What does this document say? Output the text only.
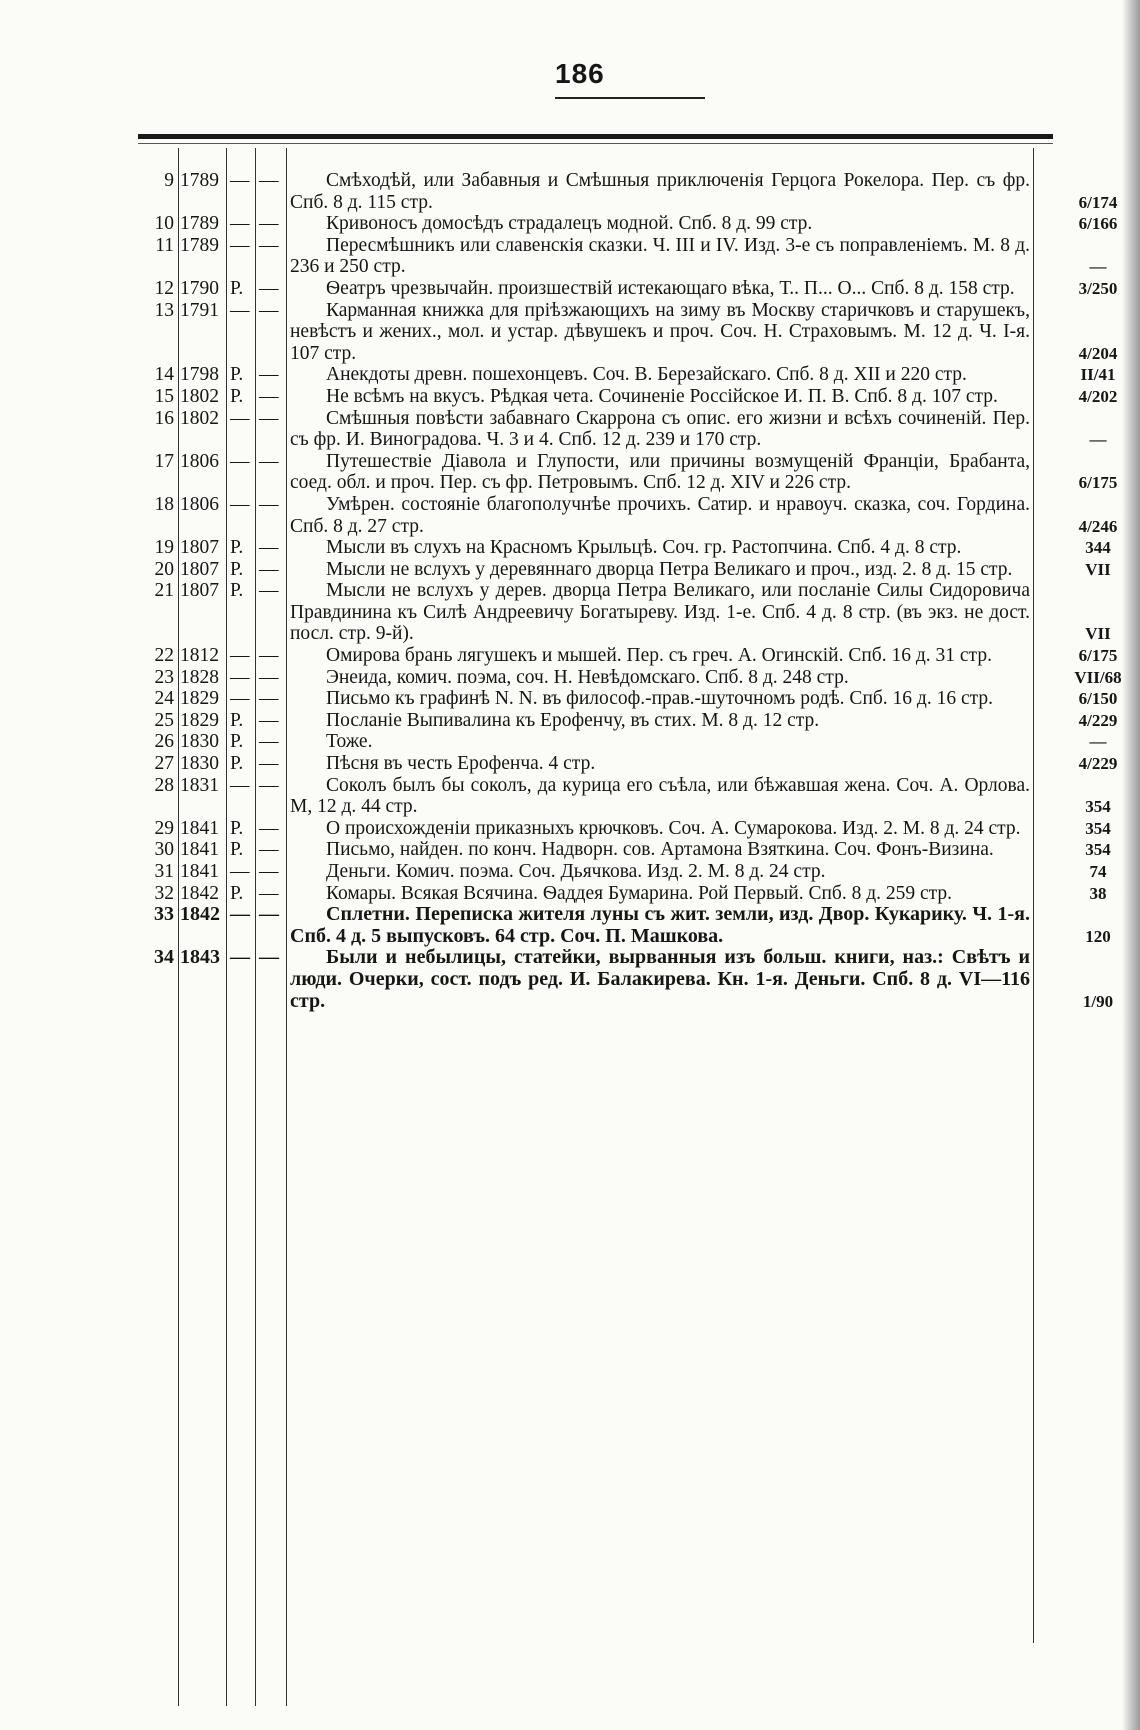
186
9 1789 — —	Смѣходѣй, или Забавныя и Смѣшныя приключенія Герцога Рокелора. Пер. съ фр. Спб. 8 д. 115 стр.	6/174
10 1789 — —	Кривоносъ домосѣдъ страдалецъ модной. Спб. 8 д. 99 стр.	6/166
11 1789 — —	Пересмѣшникъ или славенскія сказки. Ч. III и IV. Изд. 3-е съ поправленіемъ. М. 8 д. 236 и 250 стр.	—
12 1790 Р. —	Ѳеатръ чрезвычайн. произшествій истекающаго вѣка, Т.. П... О... Спб. 8 д. 158 стр.	3/250
13 1791 — —	Карманная книжка для пріѣзжающихъ на зиму въ Москву старичковъ и старушекъ, невѣстъ и жених., мол. и устар. дѣвушекъ и проч. Соч. Н. Страховымъ. М. 12 д. Ч. I-я. 107 стр.	4/204
14 1798 Р. —	Анекдоты древн. пошехонцевъ. Соч. В. Березайскаго. Спб. 8 д. XII и 220 стр.	II/41
15 1802 Р. —	Не всѣмъ на вкусъ. Рѣдкая чета. Сочиненіе Россійское И. П. В. Спб. 8 д. 107 стр.	4/202
16 1802 — —	Смѣшныя повѣсти забавнаго Скаррона съ опис. его жизни и всѣхъ сочиненій. Пер. съ фр. И. Виноградова. Ч. 3 и 4. Спб. 12 д. 239 и 170 стр.	—
17 1806 — —	Путешествіе Діавола и Глупости, или причины возмущеній Франціи, Брабанта, соед. обл. и проч. Пер. съ фр. Петровымъ. Спб. 12 д. XIV и 226 стр.	6/175
18 1806 — —	Умѣрен. состояніе благополучнѣе прочихъ. Сатир. и нравоуч. сказка, соч. Гордина. Спб. 8 д. 27 стр.	4/246
19 1807 Р. —	Мысли въ слухъ на Красномъ Крыльцѣ. Соч. гр. Растопчина. Спб. 4 д. 8 стр.	344
20 1807 Р. —	Мысли не вслухъ у деревяннаго дворца Петра Великаго и проч., изд. 2. 8 д. 15 стр.	VII
21 1807 Р. —	Мысли не вслухъ у дерев. дворца Петра Великаго, или посланіе Силы Сидоровича Правдинина къ Силѣ Андреевичу Богатыреву. Изд. 1-е. Спб. 4 д. 8 стр. (въ экз. не дост. посл. стр. 9-й).	VII
22 1812 — —	Омирова брань лягушекъ и мышей. Пер. съ греч. А. Огинскій. Спб. 16 д. 31 стр.	6/175
23 1828 — —	Энеида, комич. поэма, соч. Н. Невѣдомскаго. Спб. 8 д. 248 стр.	VII/68
24 1829 — —	Письмо къ графинѣ N. N. въ философ.-прав.-шуточномъ родѣ. Спб. 16 д. 16 стр.	6/150
25 1829 Р. —	Посланіе Выпивалина къ Ерофенчу, въ стих. М. 8 д. 12 стр.	4/229
26 1830 Р. —	Тоже.	—
27 1830 Р. —	Пѣсня въ честь Ерофенча. 4 стр.	4/229
28 1831 — —	Соколъ былъ бы соколъ, да курица его съѣла, или бѣжавшая жена. Соч. А. Орлова. М, 12 д. 44 стр.	354
29 1841 Р. —	О происхожденіи приказныхъ крючковъ. Соч. А. Сумарокова. Изд. 2. М. 8 д. 24 стр.	354
30 1841 Р. —	Письмо, найден. по конч. Надворн. сов. Артамона Взяткина. Соч. Фонъ-Визина.	354
31 1841 — —	Деньги. Комич. поэма. Соч. Дьячкова. Изд. 2. М. 8 д. 24 стр.	74
32 1842 Р. —	Комары. Всякая Всячина. Ѳаддея Бумарина. Рой Первый. Спб. 8 д. 259 стр.	38
33 1842 — —	Сплетни. Переписка жителя луны съ жит. земли, изд. Двор. Кукарику. Ч. 1-я. Спб. 4 д. 5 выпусковъ. 64 стр. Соч. П. Машкова.	120
34 1843 — —	Были и небылицы, статейки, вырванныя изъ больш. книги, наз.: Свѣтъ и люди. Очерки, сост. подъ ред. И. Балакирева. Кн. 1-я. Деньги. Спб. 8 д. VI—116 стр.	1/90
